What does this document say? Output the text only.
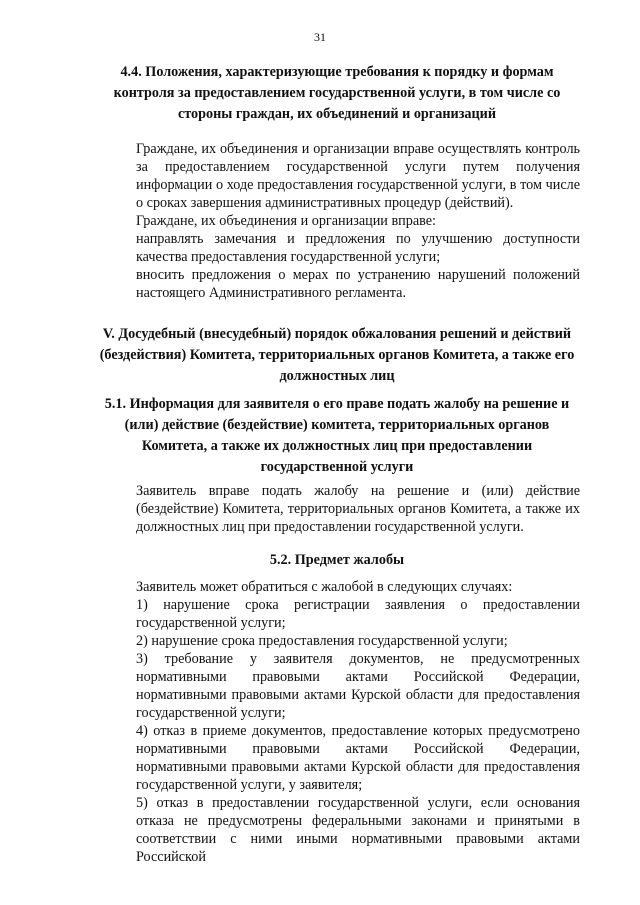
31
4.4. Положения, характеризующие требования к порядку и формам контроля за предоставлением государственной услуги, в том числе со стороны граждан, их объединений и организаций
Граждане, их объединения и организации вправе осуществлять контроль за предоставлением государственной услуги путем получения информации о ходе предоставления государственной услуги, в том числе о сроках завершения административных процедур (действий).
Граждане, их объединения и организации вправе:
направлять замечания и предложения по улучшению доступности качества предоставления государственной услуги;
вносить предложения о мерах по устранению нарушений положений настоящего Административного регламента.
V. Досудебный (внесудебный) порядок обжалования решений и действий (бездействия) Комитета, территориальных органов Комитета, а также его должностных лиц
5.1. Информация для заявителя о его праве подать жалобу на решение и (или) действие (бездействие) комитета, территориальных органов Комитета, а также их должностных лиц при предоставлении государственной услуги
Заявитель вправе подать жалобу на решение и (или) действие (бездействие) Комитета, территориальных органов Комитета, а также их должностных лиц при предоставлении государственной услуги.
5.2. Предмет жалобы
Заявитель может обратиться с жалобой в следующих случаях:
1) нарушение срока регистрации заявления о предоставлении государственной услуги;
2) нарушение срока предоставления государственной услуги;
3) требование у заявителя документов, не предусмотренных нормативными правовыми актами Российской Федерации, нормативными правовыми актами Курской области для предоставления государственной услуги;
4) отказ в приеме документов, предоставление которых предусмотрено нормативными правовыми актами Российской Федерации, нормативными правовыми актами Курской области для предоставления государственной услуги, у заявителя;
5) отказ в предоставлении государственной услуги, если основания отказа не предусмотрены федеральными законами и принятыми в соответствии с ними иными нормативными правовыми актами Российской
